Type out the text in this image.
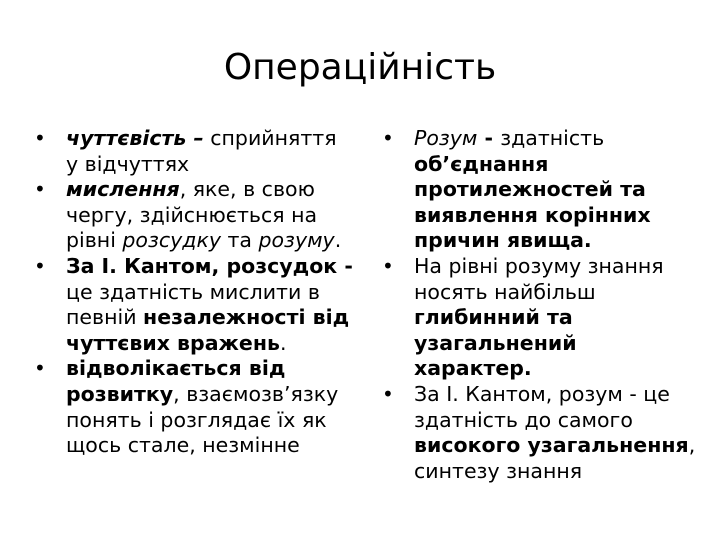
Операційність
• чуттєвість – сприйняття у відчуттях
• мислення, яке, в свою чергу, здійснюється на рівні розсудку та розуму.
• За І. Кантом, розсудок - це здатність мислити в певній незалежності від чуттєвих вражень.
• відволікається від розвитку, взаємозв’язку понять і розглядає їх як щось стале, незмінне
• Розум - здатність об’єднання протилежностей та виявлення корінних причин явища.
• На рівні розуму знання носять найбільш глибинний та узагальнений характер.
• За І. Кантом, розум - це здатність до самого високого узагальнення, синтезу знання
